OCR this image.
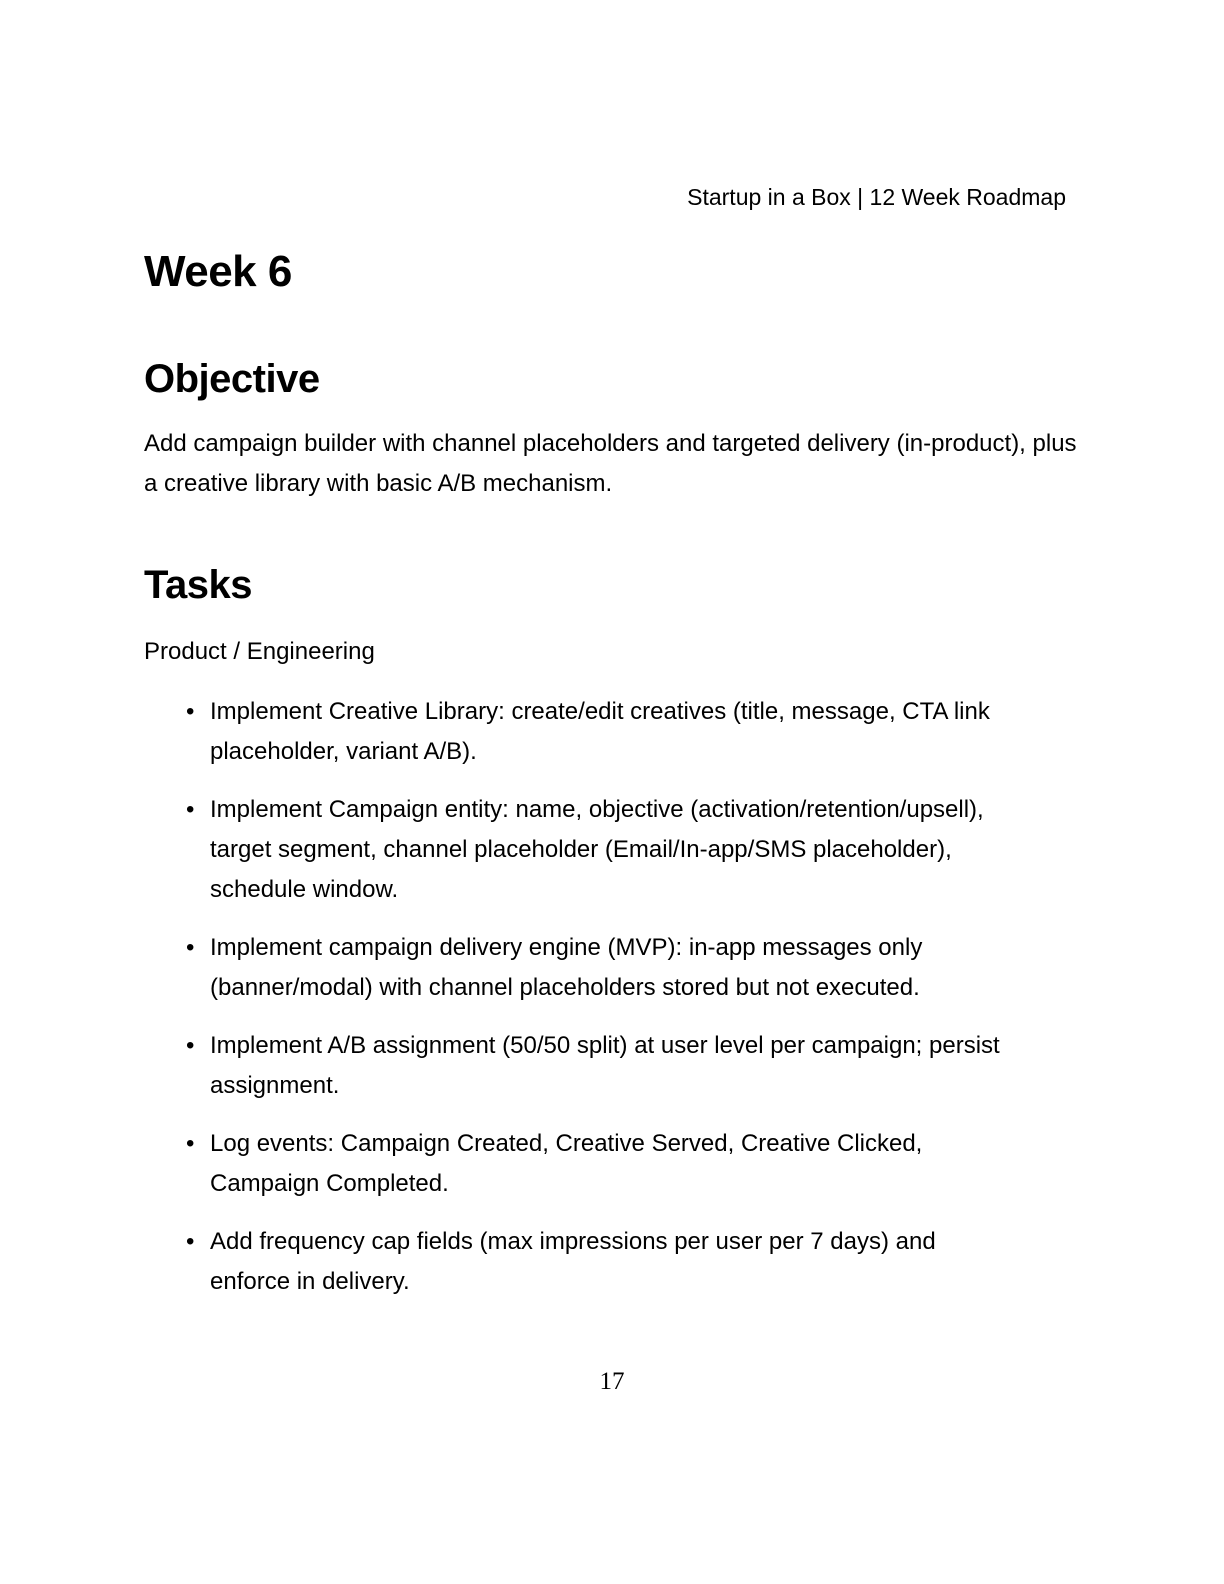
Startup in a Box | 12 Week Roadmap
Week 6
Objective

Add campaign builder with channel placeholders and targeted delivery (in-product), plus a creative library with basic A/B mechanism.

Tasks

Product / Engineering

• Implement Creative Library: create/edit creatives (title, message, CTA link placeholder, variant A/B).
• Implement Campaign entity: name, objective (activation/retention/upsell), target segment, channel placeholder (Email/In-app/SMS placeholder), schedule window.
• Implement campaign delivery engine (MVP): in-app messages only (banner/modal) with channel placeholders stored but not executed.
• Implement A/B assignment (50/50 split) at user level per campaign; persist assignment.
• Log events: Campaign Created, Creative Served, Creative Clicked, Campaign Completed.
• Add frequency cap fields (max impressions per user per 7 days) and enforce in delivery.
17
